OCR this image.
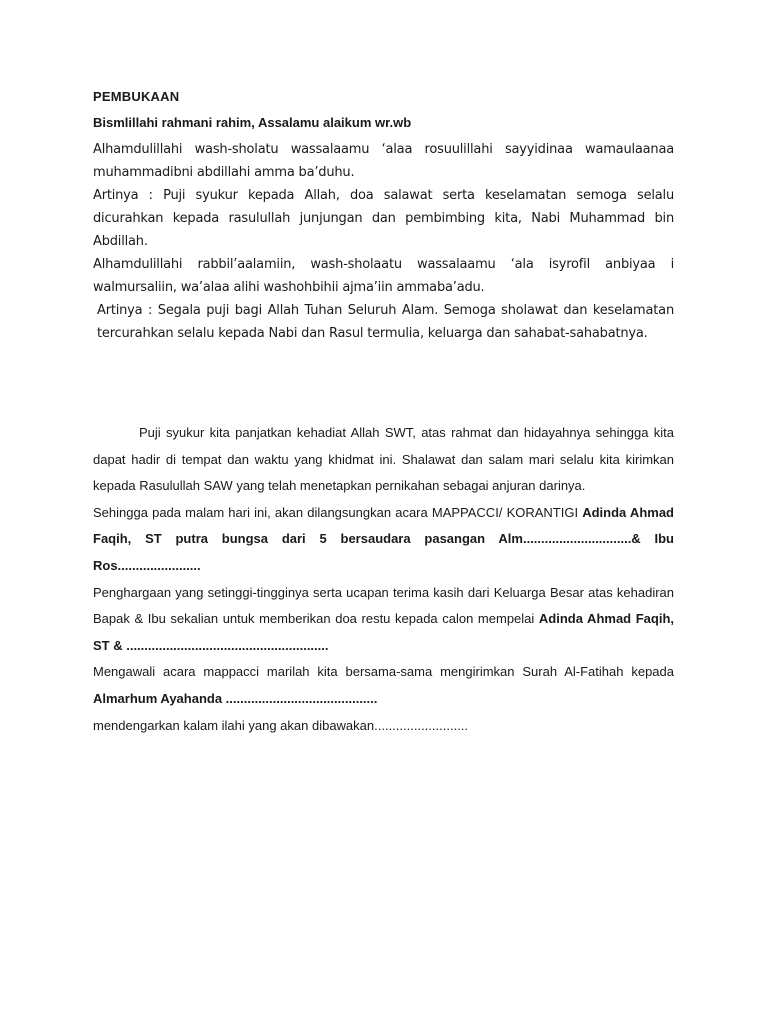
PEMBUKAAN
Bismlillahi rahmani rahim, Assalamu alaikum wr.wb
Alhamdulillahi wash-sholatu wassalaamu ‘alaa rosuulillahi sayyidinaa wamaulaanaa muhammadibni abdillahi amma ba’duhu.
Artinya : Puji syukur kepada Allah, doa salawat serta keselamatan semoga selalu dicurahkan kepada rasulullah junjungan dan pembimbing kita, Nabi Muhammad bin Abdillah.
Alhamdulillahi rabbil’aalamiin, wash-sholaatu wassalaamu ‘ala isyrofil anbiyaa i walmursaliin, wa’alaa alihi washohbihii ajma’iin ammaba’adu.
Artinya : Segala puji bagi Allah Tuhan Seluruh Alam. Semoga sholawat dan keselamatan tercurahkan selalu kepada Nabi dan Rasul termulia, keluarga dan sahabat-sahabatnya.

Puji syukur kita panjatkan kehadiat Allah SWT, atas rahmat dan hidayahnya sehingga kita dapat hadir di tempat dan waktu yang khidmat ini. Shalawat dan salam mari selalu kita kirimkan kepada Rasulullah SAW yang telah menetapkan pernikahan sebagai anjuran darinya.

Sehingga pada malam hari ini, akan dilangsungkan acara MAPPACCI/ KORANTIGI Adinda Ahmad Faqih, ST putra bungsa dari 5 bersaudara pasangan Alm..............................& Ibu Ros.......................

Penghargaan yang setinggi-tingginya serta ucapan terima kasih dari Keluarga Besar atas kehadiran Bapak & Ibu sekalian untuk memberikan doa restu kepada calon mempelai Adinda Ahmad Faqih, ST & ........................................................

Mengawali acara mappacci marilah kita bersama-sama mengirimkan Surah Al-Fatihah kepada Almarhum Ayahanda ..........................................

mendengarkan kalam ilahi yang akan dibawakan..........................
